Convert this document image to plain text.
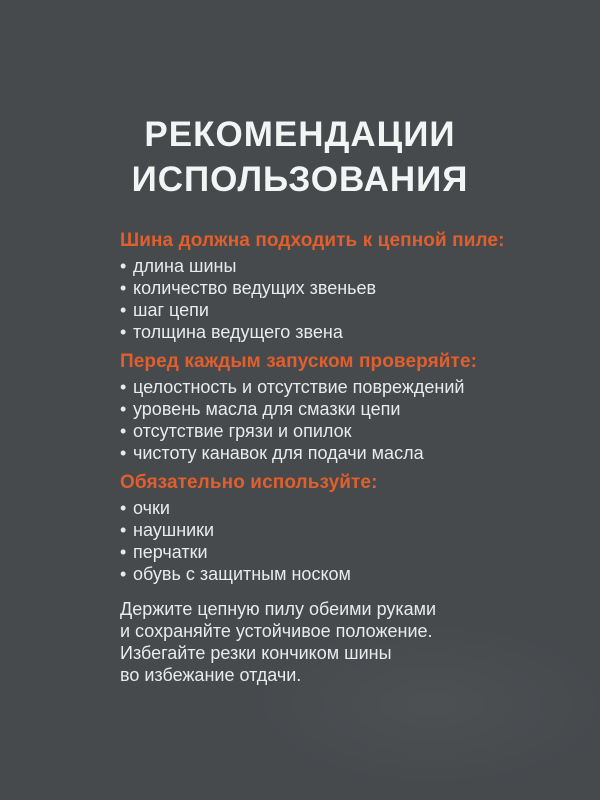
РЕКОМЕНДАЦИИ
ИСПОЛЬЗОВАНИЯ
Шина должна подходить к цепной пиле:
• длина шины
• количество ведущих звеньев
• шаг цепи
• толщина ведущего звена
Перед каждым запуском проверяйте:
• целостность и отсутствие повреждений
• уровень масла для смазки цепи
• отсутствие грязи и опилок
• чистоту канавок для подачи масла
Обязательно используйте:
• очки
• наушники
• перчатки
• обувь с защитным носком
Держите цепную пилу обеими руками
и сохраняйте устойчивое положение.
Избегайте резки кончиком шины
во избежание отдачи.
